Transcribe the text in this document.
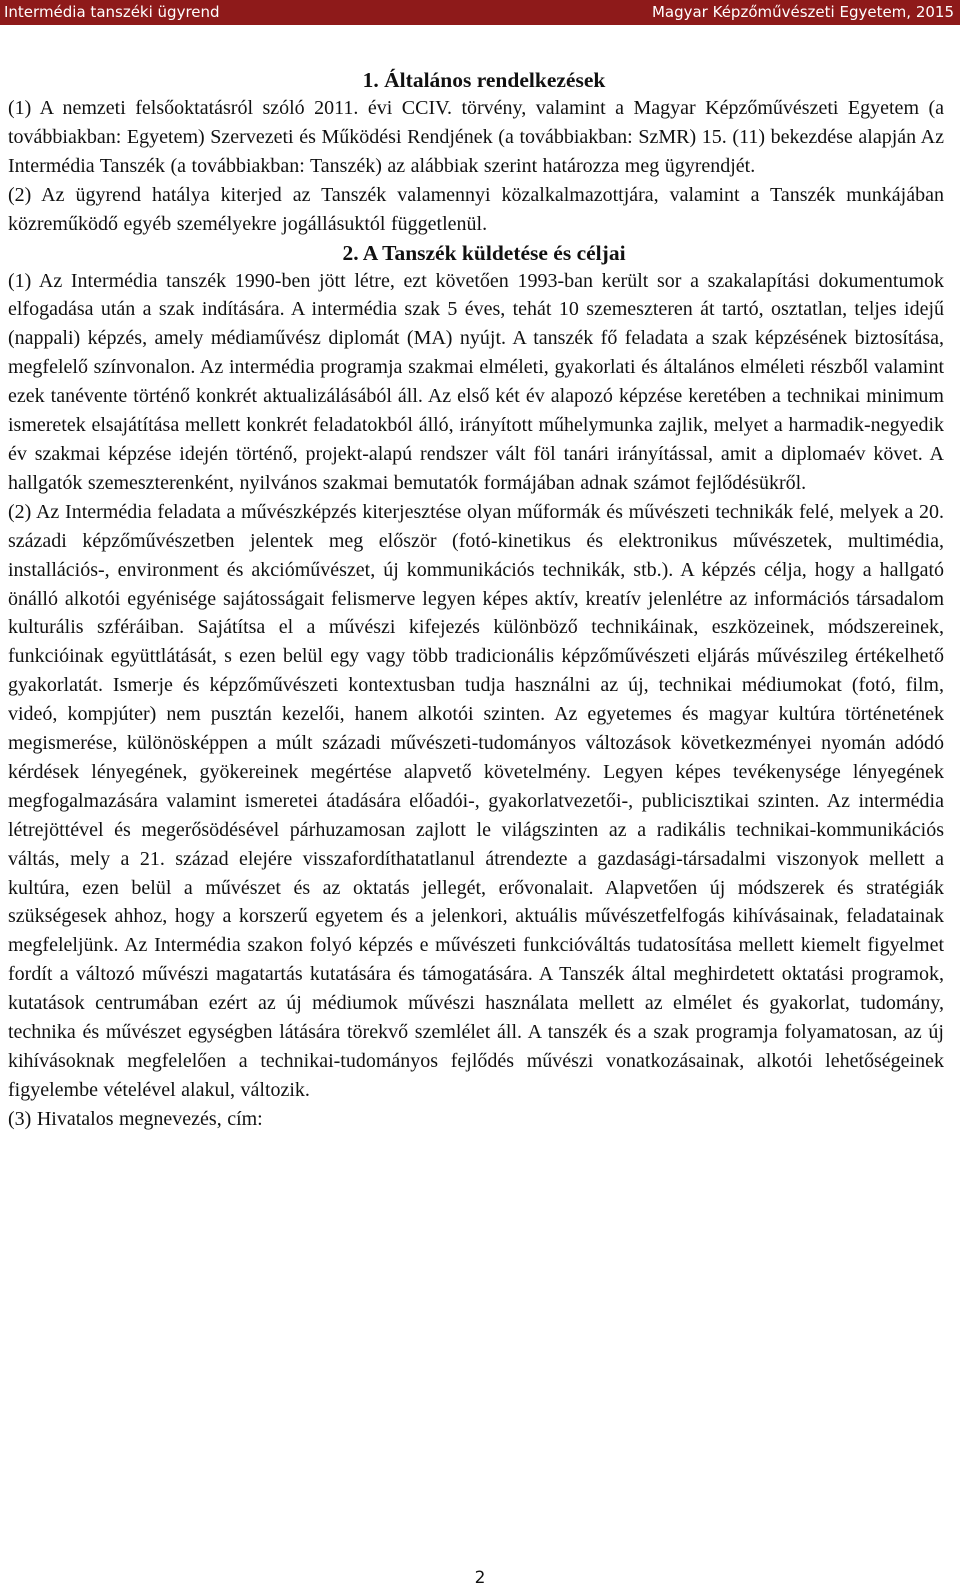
Intermédia tanszéki ügyrend	Magyar Képzőművészeti Egyetem, 2015
1. Általános rendelkezések

(1) A nemzeti felsőoktatásról szóló 2011. évi CCIV. törvény, valamint a Magyar Képzőművészeti Egyetem (a továbbiakban: Egyetem) Szervezeti és Működési Rendjének (a továbbiakban: SzMR) 15. (11) bekezdése alapján Az Intermédia Tanszék (a továbbiakban: Tanszék) az alábbiak szerint határozza meg ügyrendjét.

(2) Az ügyrend hatálya kiterjed az Tanszék valamennyi közalkalmazottjára, valamint a Tanszék munkájában közreműködő egyéb személyekre jogállásuktól függetlenül.

2. A Tanszék küldetése és céljai

(1) Az Intermédia tanszék 1990-ben jött létre, ezt követően 1993-ban került sor a szakalapítási dokumentumok elfogadása után a szak indítására. A intermédia szak 5 éves, tehát 10 szemeszteren át tartó, osztatlan, teljes idejű (nappali) képzés, amely médiaművész diplomát (MA) nyújt. A tanszék fő feladata a szak képzésének biztosítása, megfelelő színvonalon. Az intermédia programja szakmai elméleti, gyakorlati és általános elméleti részből valamint ezek tanévente történő konkrét aktualizálásából áll. Az első két év alapozó képzése keretében a technikai minimum ismeretek elsajátítása mellett konkrét feladatokból álló, irányított műhelymunka zajlik, melyet a harmadik-negyedik év szakmai képzése idején történő, projekt-alapú rendszer vált föl tanári irányítással, amit a diplomaév követ. A hallgatók szemeszterenként, nyilvános szakmai bemutatók formájában adnak számot fejlődésükről.

(2) Az Intermédia feladata a művészképzés kiterjesztése olyan műformák és művészeti technikák felé, melyek a 20. századi képzőművészetben jelentek meg először (fotó-kinetikus és elektronikus művészetek, multimédia, installációs-, environment és akcióművészet, új kommunikációs technikák, stb.). A képzés célja, hogy a hallgató önálló alkotói egyénisége sajátosságait felismerve legyen képes aktív, kreatív jelenlétre az információs társadalom kulturális szféráiban. Sajátítsa el a művészi kifejezés különböző technikáinak, eszközeinek, módszereinek, funkcióinak együttlátását, s ezen belül egy vagy több tradicionális képzőművészeti eljárás művészileg értékelhető gyakorlatát. Ismerje és képzőművészeti kontextusban tudja használni az új, technikai médiumokat (fotó, film, videó, kompjúter) nem pusztán kezelői, hanem alkotói szinten. Az egyetemes és magyar kultúra történetének megismerése, különösképpen a múlt századi művészeti-tudományos változások következményei nyomán adódó kérdések lényegének, gyökereinek megértése alapvető követelmény. Legyen képes tevékenysége lényegének megfogalmazására valamint ismeretei átadására előadói-, gyakorlatvezetői-, publicisztikai szinten. Az intermédia létrejöttével és megerősödésével párhuzamosan zajlott le világszinten az a radikális technikai-kommunikációs váltás, mely a 21. század elejére visszafordíthatatlanul átrendezte a gazdasági-társadalmi viszonyok mellett a kultúra, ezen belül a művészet és az oktatás jellegét, erővonalait. Alapvetően új módszerek és stratégiák szükségesek ahhoz, hogy a korszerű egyetem és a jelenkori, aktuális művészetfelfogás kihívásainak, feladatainak megfeleljünk. Az Intermédia szakon folyó képzés e művészeti funkcióváltás tudatosítása mellett kiemelt figyelmet fordít a változó művészi magatartás kutatására és támogatására. A Tanszék által meghirdetett oktatási programok, kutatások centrumában ezért az új médiumok művészi használata mellett az elmélet és gyakorlat, tudomány, technika és művészet egységben látására törekvő szemlélet áll. A tanszék és a szak programja folyamatosan, az új kihívásoknak megfelelően a technikai-tudományos fejlődés művészi vonatkozásainak, alkotói lehetőségeinek figyelembe vételével alakul, változik.

(3) Hivatalos megnevezés, cím:

2
